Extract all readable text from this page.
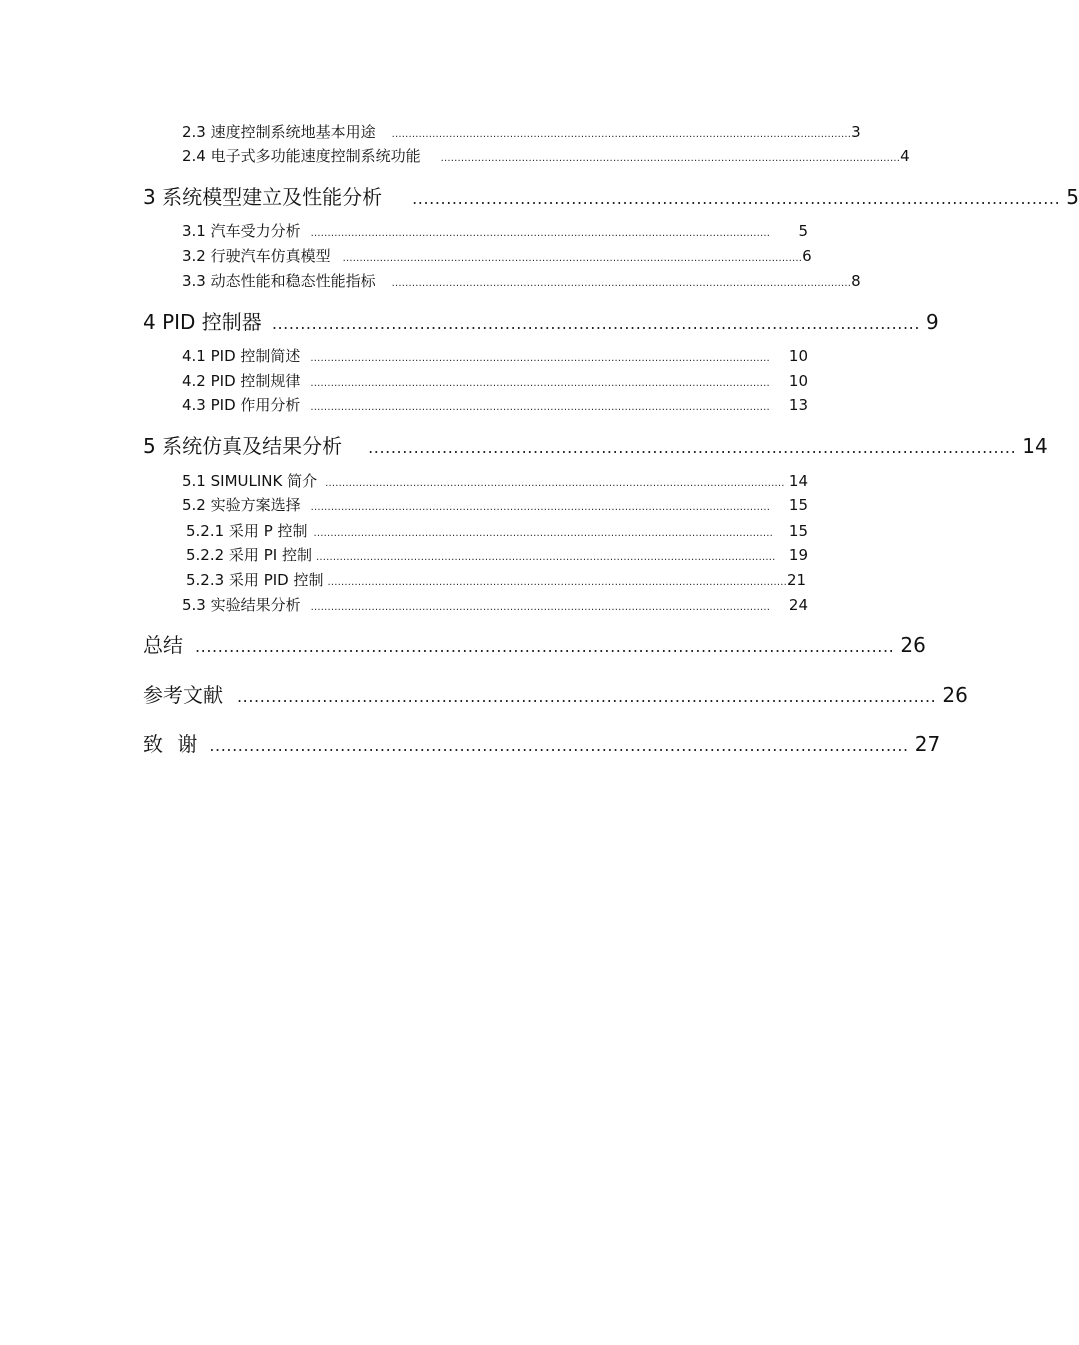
2.3 速度控制系统地基本用途 ........................................................................................................................................ 3
2.4 电子式多功能速度控制系统功能 ........................................................................................................................................ 4
3 系统模型建立及性能分析 .................................................................................................................. 5
3.1 汽车受力分析 ........................................................................................................................................	5
3.2 行驶汽车仿真模型 ........................................................................................................................................ 6
3.3 动态性能和稳态性能指标 ........................................................................................................................................ 8
4 PID 控制器 .................................................................................................................. 9
4.1 PID 控制简述 ........................................................................................................................................	10
4.2 PID 控制规律 ........................................................................................................................................	10
4.3 PID 作用分析 ........................................................................................................................................	13
5 系统仿真及结果分析 .................................................................................................................. 14
5.1 SIMULINK 简介 ........................................................................................................................................ 14
5.2 实验方案选择 ........................................................................................................................................	15
5.2.1 采用 P 控制 ........................................................................................................................................	15
5.2.2 采用 PI 控制 ........................................................................................................................................ 19
5.2.3 采用 PID 控制 ........................................................................................................................................ 21
5.3 实验结果分析 ........................................................................................................................................	24
总结 ........................................................................................................................... 26
参考文献 ........................................................................................................................... 26
致 谢 ........................................................................................................................... 27
